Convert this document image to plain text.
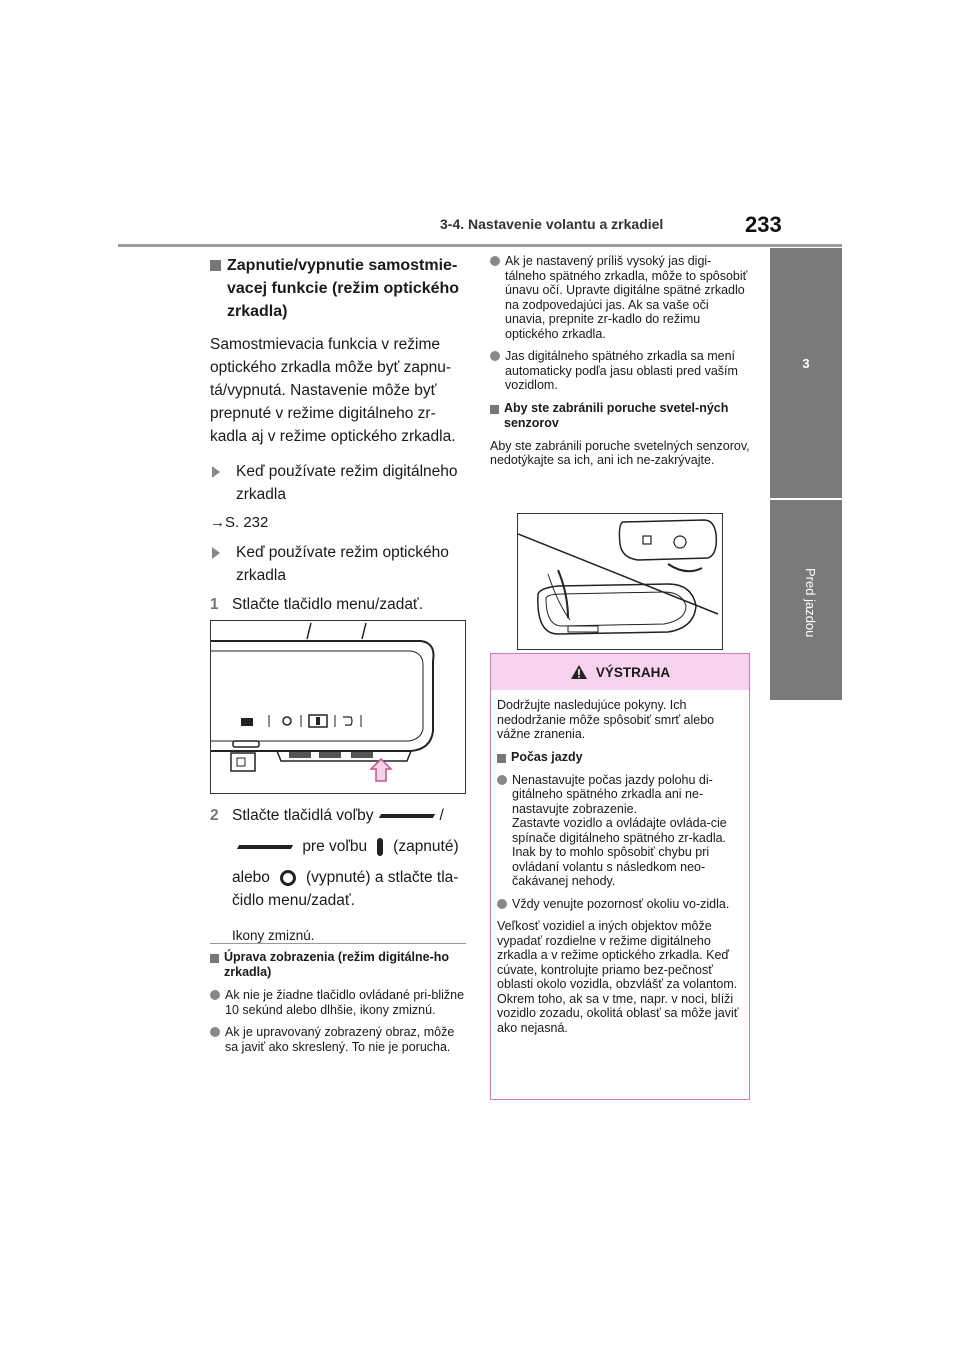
3-4. Nastavenie volantu a zrkadiel	233
3
Pred jazdou
Zapnutie/vypnutie samostmie-vacej funkcie (režim optického zrkadla)

Samostmievacia funkcia v režime optického zrkadla môže byť zapnu-tá/vypnutá. Nastavenie môže byť prepnuté v režime digitálneho zr-kadla aj v režime optického zrkadla.

Keď používate režim digitálneho zrkadla
→S. 232
Keď používate režim optického zrkadla
1 Stlačte tlačidlo menu/zadať.
2 Stlačte tlačidlá voľby	/
pre voľbu (zapnuté)
alebo (vypnuté) a stlačte tla-čidlo menu/zadať.
Ikony zmiznú.
Úprava zobrazenia (režim digitálne-ho zrkadla)
Ak nie je žiadne tlačidlo ovládané pri-bližne 10 sekúnd alebo dlhšie, ikony zmiznú.
Ak je upravovaný zobrazený obraz, môže sa javiť ako skreslený. To nie je porucha.
Ak je nastavený príliš vysoký jas digi-tálneho spätného zrkadla, môže to spôsobiť únavu očí. Upravte digitálne spätné zrkadlo na zodpovedajúci jas. Ak sa vaše oči unavia, prepnite zr-kadlo do režimu optického zrkadla.
Jas digitálneho spätného zrkadla sa mení automaticky podľa jasu oblasti pred vaším vozidlom.
Aby ste zabránili poruche svetel-ných senzorov

Aby ste zabránili poruche svetelných senzorov, nedotýkajte sa ich, ani ich ne-zakrývajte.

VÝSTRAHA

Dodržujte nasledujúce pokyny. Ich nedodržanie môže spôsobiť smrť alebo vážne zranenia.

Počas jazdy
Nenastavujte počas jazdy polohu di-gitálneho spätného zrkadla ani ne-nastavujte zobrazenie.
Zastavte vozidlo a ovládajte ovláda-cie spínače digitálneho spätného zr-kadla.
Inak by to mohlo spôsobiť chybu pri ovládaní volantu s následkom neo-čakávanej nehody.
Vždy venujte pozornosť okoliu vo-zidla.
Veľkosť vozidiel a iných objektov môže vypadať rozdielne v režime digitálneho zrkadla a v režime optického zrkadla. Keď cúvate, kontrolujte priamo bez-pečnosť oblasti okolo vozidla, obzvlášť za volantom.
Okrem toho, ak sa v tme, napr. v noci, blíži vozidlo zozadu, okolitá oblasť sa môže javiť ako nejasná.
